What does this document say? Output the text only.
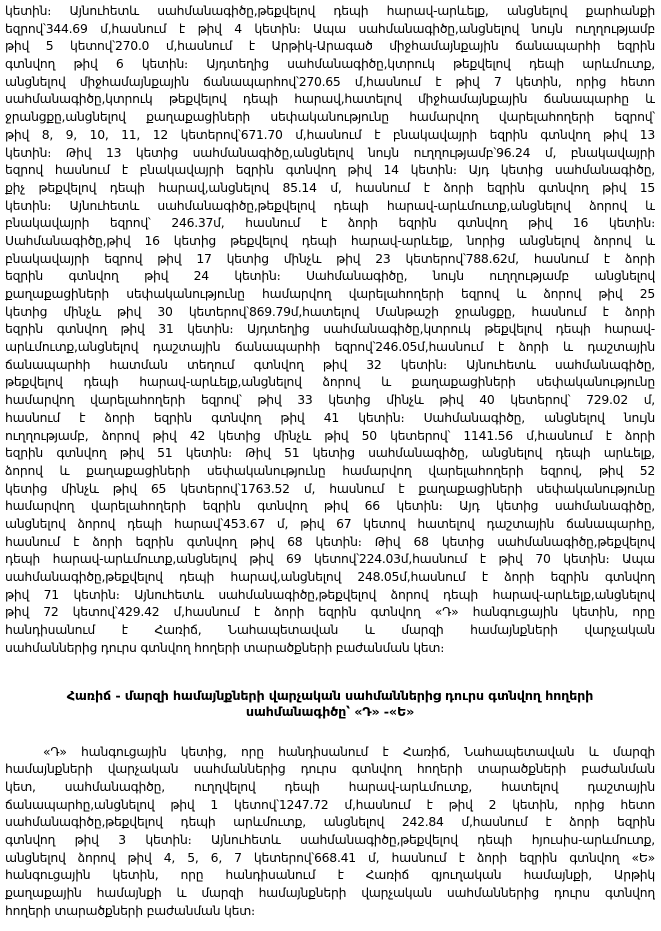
կետին։ Այնուհետև սահմանագիծը,թեքվելով դեպի հարավ-արևելք, անցնելով քարհանքի
եզրով՝344.69 մ,հասնում է թիվ 4 կետին։ Ապա սահմանագիծը,անցնելով նույն ուղղությամբ
թիվ 5 կետով՝270.0 մ,հասնում է Արթիկ-Արագած միջհամայնքային ճանապարհի եզրին
գտնվող թիվ 6 կետին։ Այդտեղից սահմանագիծը,կտրուկ թեքվելով դեպի արևմուտք,
անցնելով միջհամայնքային ճանապարհով՝270.65 մ,հասնում է թիվ 7 կետին, որից հետո
սահմանագիծը,կտրուկ թեքվելով դեպի հարավ,հատելով միջհամայնքային ճանապարհը և
ջրանցքը,անցնելով քաղաքացիների սեփականությունը համարվող վարելահողերի եզրով՝
թիվ 8, 9, 10, 11, 12 կետերով՝671.70 մ,հասնում է բնակավայրի եզրին գտնվող թիվ 13
կետին։ Թիվ 13 կետից սահմանագիծը,անցնելով նույն ուղղությամբ՝96.24 մ, բնակավայրի
եզրով հասնում է բնակավայրի եզրին գտնվող թիվ 14 կետին։ Այդ կետից սահմանագիծը,
քիչ թեքվելով դեպի հարավ,անցնելով 85.14 մ, հասնում է ձորի եզրին գտնվող թիվ 15
կետին։ Այնուհետև սահմանագիծը,թեքվելով դեպի հարավ-արևմուտք,անցնելով ձորով և
բնակավայրի եզրով՝ 246.37մ, հասնում է ձորի եզրին գտնվող թիվ 16 կետին։
Սահմանագիծը,թիվ 16 կետից թեքվելով դեպի հարավ-արևելք, նորից անցնելով ձորով և
բնակավայրի եզրով թիվ 17 կետից մինչև թիվ 23 կետերով՝788.62մ, հասնում է ձորի
եզրին գտնվող թիվ 24 կետին։ Սահմանագիծը, նույն ուղղությամբ անցնելով
քաղաքացիների սեփականությունը համարվող վարելահողերի եզրով և ձորով թիվ 25
կետից մինչև թիվ 30 կետերով՝869.79մ,հատելով Մանթաշի ջրանցքը, հասնում է ձորի
եզրին գտնվող թիվ 31 կետին։ Այդտեղից սահմանագիծը,կտրուկ թեքվելով դեպի հարավ-
արևմուտք,անցնելով դաշտային ճանապարհի եզրով՝246.05մ,հասնում է ձորի և դաշտային
ճանապարհի հատման տեղում գտնվող թիվ 32 կետին։ Այնուհետև սահմանագիծը,
թեքվելով դեպի հարավ-արևելք,անցնելով ձորով և քաղաքացիների սեփականությունը
համարվող վարելահողերի եզրով՝ թիվ 33 կետից մինչև թիվ 40 կետերով՝ 729.02 մ,
հասնում է ձորի եզրին գտնվող թիվ 41 կետին։ Սահմանագիծը, անցնելով նույն
ուղղությամբ, ձորով թիվ 42 կետից մինչև թիվ 50 կետերով՝ 1141.56 մ,հասնում է ձորի
եզրին գտնվող թիվ 51 կետին։ Թիվ 51 կետից սահմանագիծը, անցնելով դեպի արևելք,
ձորով և քաղաքացիների սեփականությունը համարվող վարելահողերի եզրով, թիվ 52
կետից մինչև թիվ 65 կետերով՝1763.52 մ, հասնում է քաղաքացիների սեփականությունը
համարվող վարելահողերի եզրին գտնվող թիվ 66 կետին։ Այդ կետից սահմանագիծը,
անցնելով ձորով դեպի հարավ՝453.67 մ, թիվ 67 կետով հատելով դաշտային ճանապարհը,
հասնում է ձորի եզրին գտնվող թիվ 68 կետին։ Թիվ 68 կետից սահմանագիծը,թեքվելով
դեպի հարավ-արևմուտք,անցնելով թիվ 69 կետով՝224.03մ,հասնում է թիվ 70 կետին։ Ապա
սահմանագիծը,թեքվելով դեպի հարավ,անցնելով 248.05մ,հասնում է ձորի եզրին գտնվող
թիվ 71 կետին։ Այնուհետև սահմանագիծը,թեքվելով ձորով դեպի հարավ-արևելք,անցնելով
թիվ 72 կետով՝429.42 մ,հասնում է ձորի եզրին գտնվող «Դ» հանգուցային կետին, որը
հանդիսանում է Հառիճ, Նահապետավան և մարզի համայնքների վարչական
սահմաններից դուրս գտնվող հողերի տարածքների բաժանման կետ։
Հառիճ - մարզի համայնքների վարչական սահմաններից դուրս գտնվող հողերի
սահմանագիծը՝ «Դ» -«Ե»
«Դ» հանգուցային կետից, որը հանդիսանում է Հառիճ, Նահապետավան և մարզի
համայնքների վարչական սահմաններից դուրս գտնվող հողերի տարածքների բաժանման
կետ, սահմանագիծը, ուղղվելով դեպի հարավ-արևմուտք, հատելով դաշտային
ճանապարհը,անցնելով թիվ 1 կետով՝1247.72 մ,հասնում է թիվ 2 կետին, որից հետո
սահմանագիծը,թեքվելով դեպի արևմուտք, անցնելով 242.84 մ,հասնում է ձորի եզրին
գտնվող թիվ 3 կետին։ Այնուհետև սահմանագիծը,թեքվելով դեպի հյուսիս-արևմուտք,
անցնելով ձորով թիվ 4, 5, 6, 7 կետերով՝668.41 մ, հասնում է ձորի եզրին գտնվող «Ե»
հանգուցային կետին, որը հանդիսանում է Հառիճ գյուղական համայնքի, Արթիկ
քաղաքային համայնքի և մարզի համայնքների վարչական սահմաններից դուրս գտնվող
հողերի տարածքների բաժանման կետ։
